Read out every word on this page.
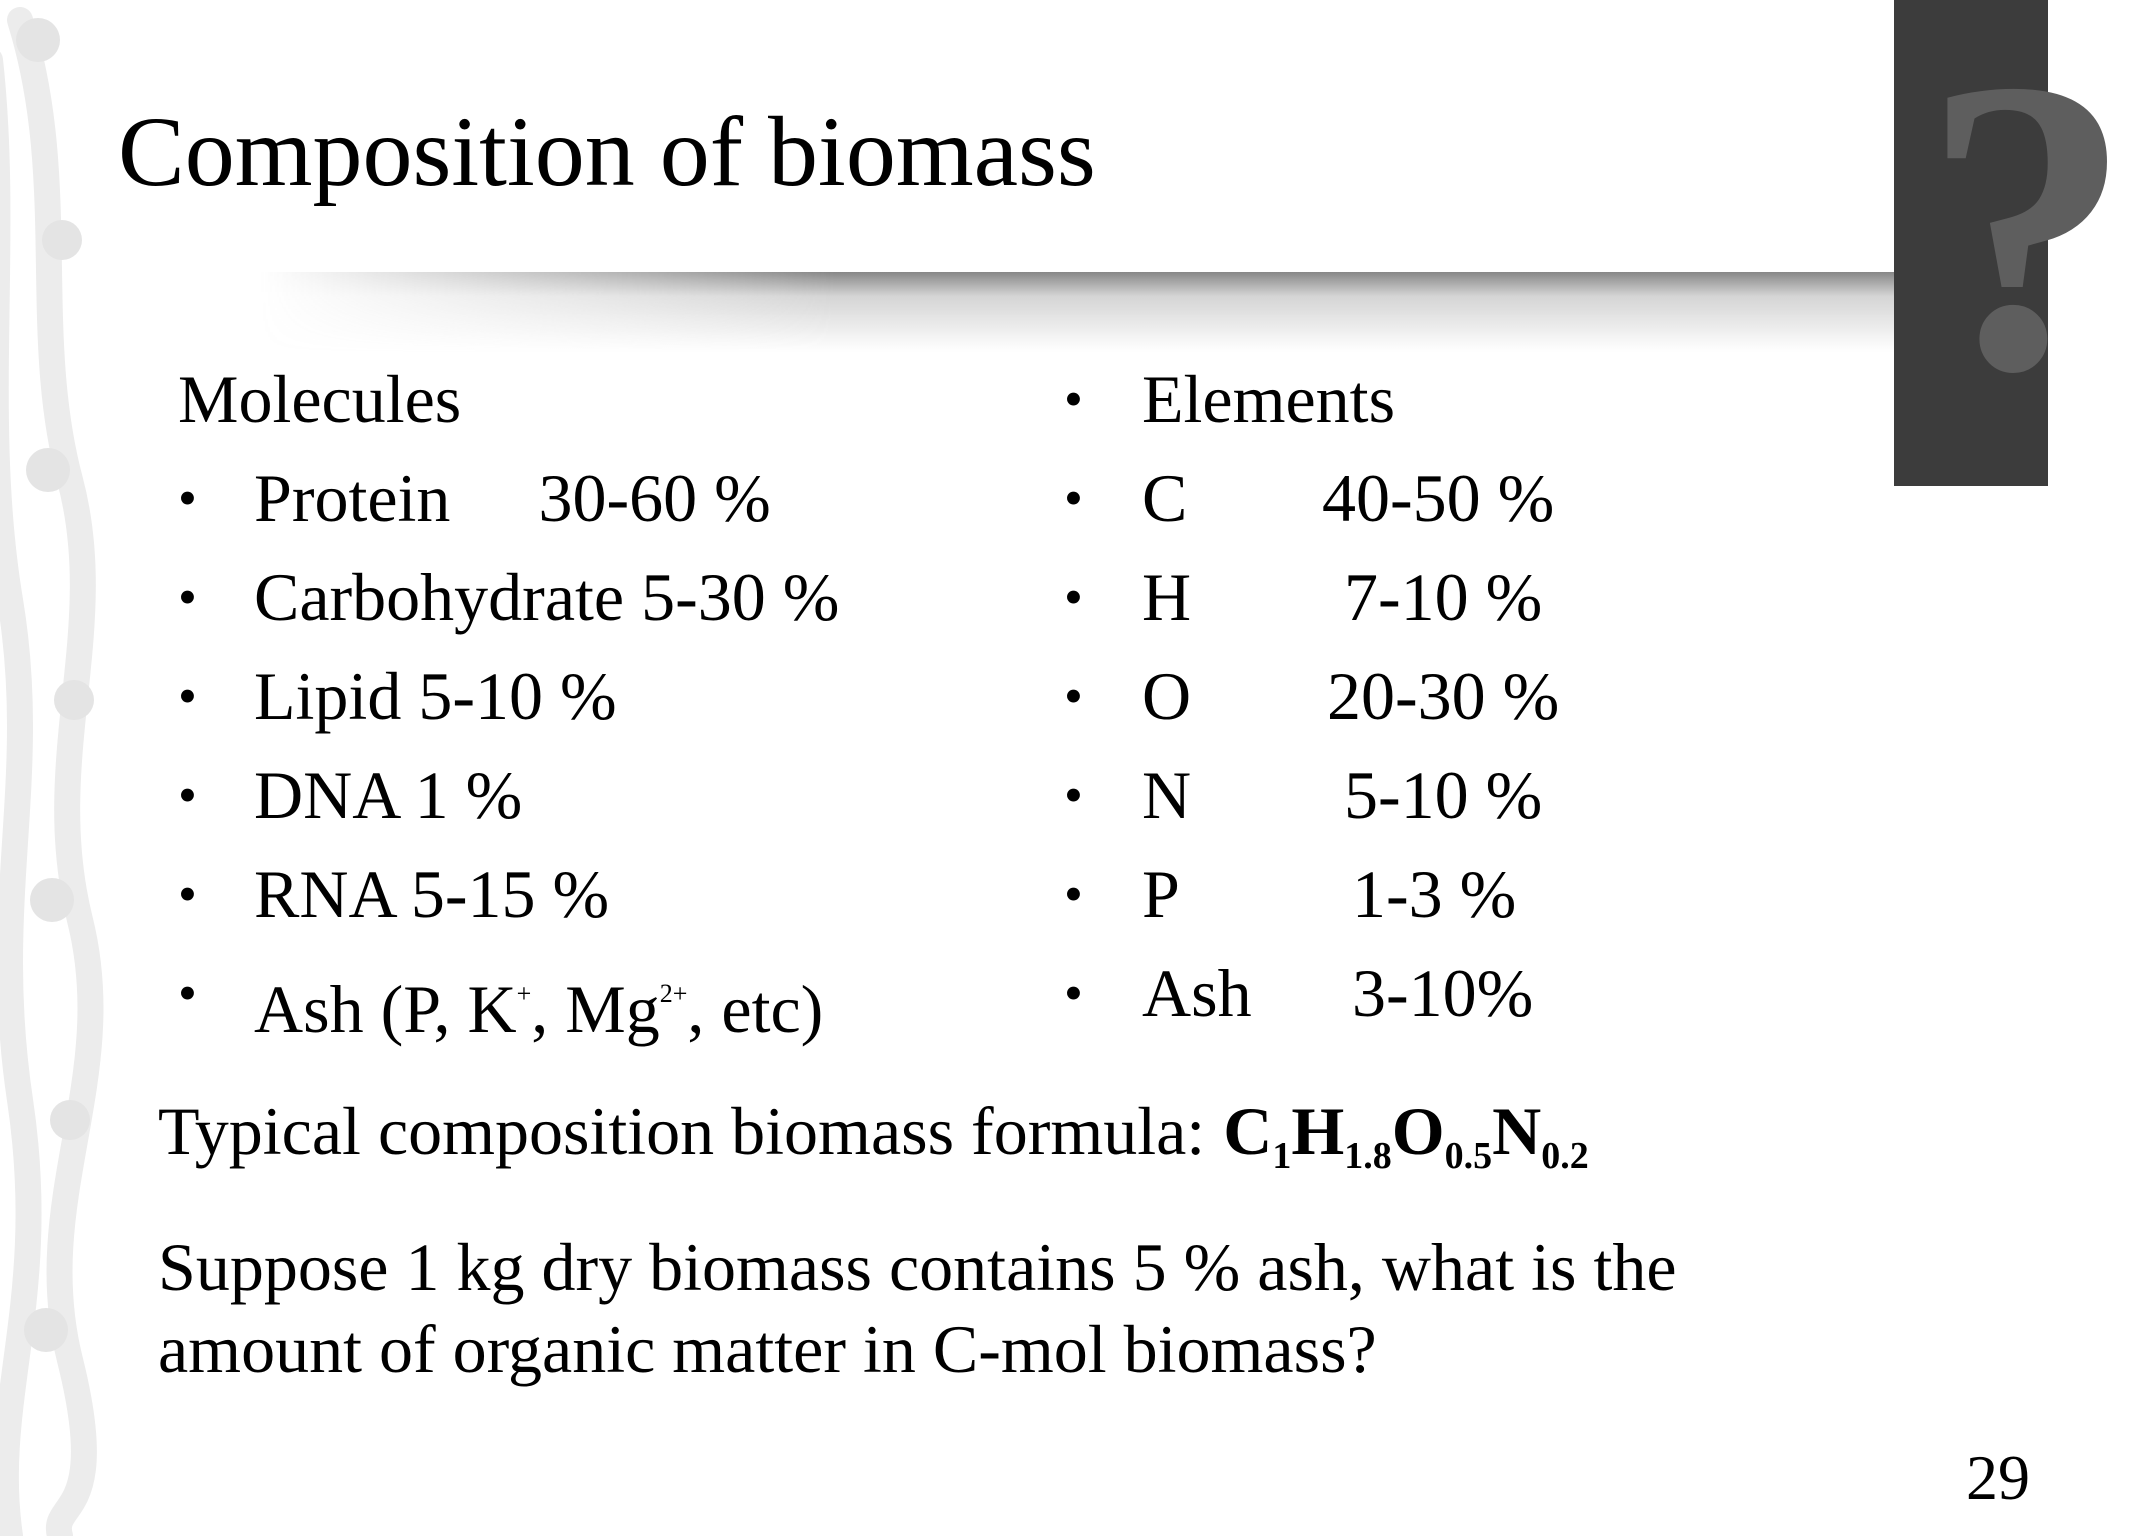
?
Composition of biomass
Molecules
• Protein 30-60 %
• Carbohydrate 5-30 %
• Lipid 5-10 %
• DNA 1 %
• RNA 5-15 %
• Ash (P, K+, $Mg^{2+}$, etc)
• Elements
• C 40-50 %
• H 7-10 %
• O 20-30 %
• N 5-10 %
• P	1-3 %
• Ash 3-10%
Typical composition biomass formula: $C_1H_{1.8}O_{0.5}N_{0.2}$
Suppose 1 kg dry biomass contains 5 % ash, what is the amount of organic matter in C-mol biomass?
29
